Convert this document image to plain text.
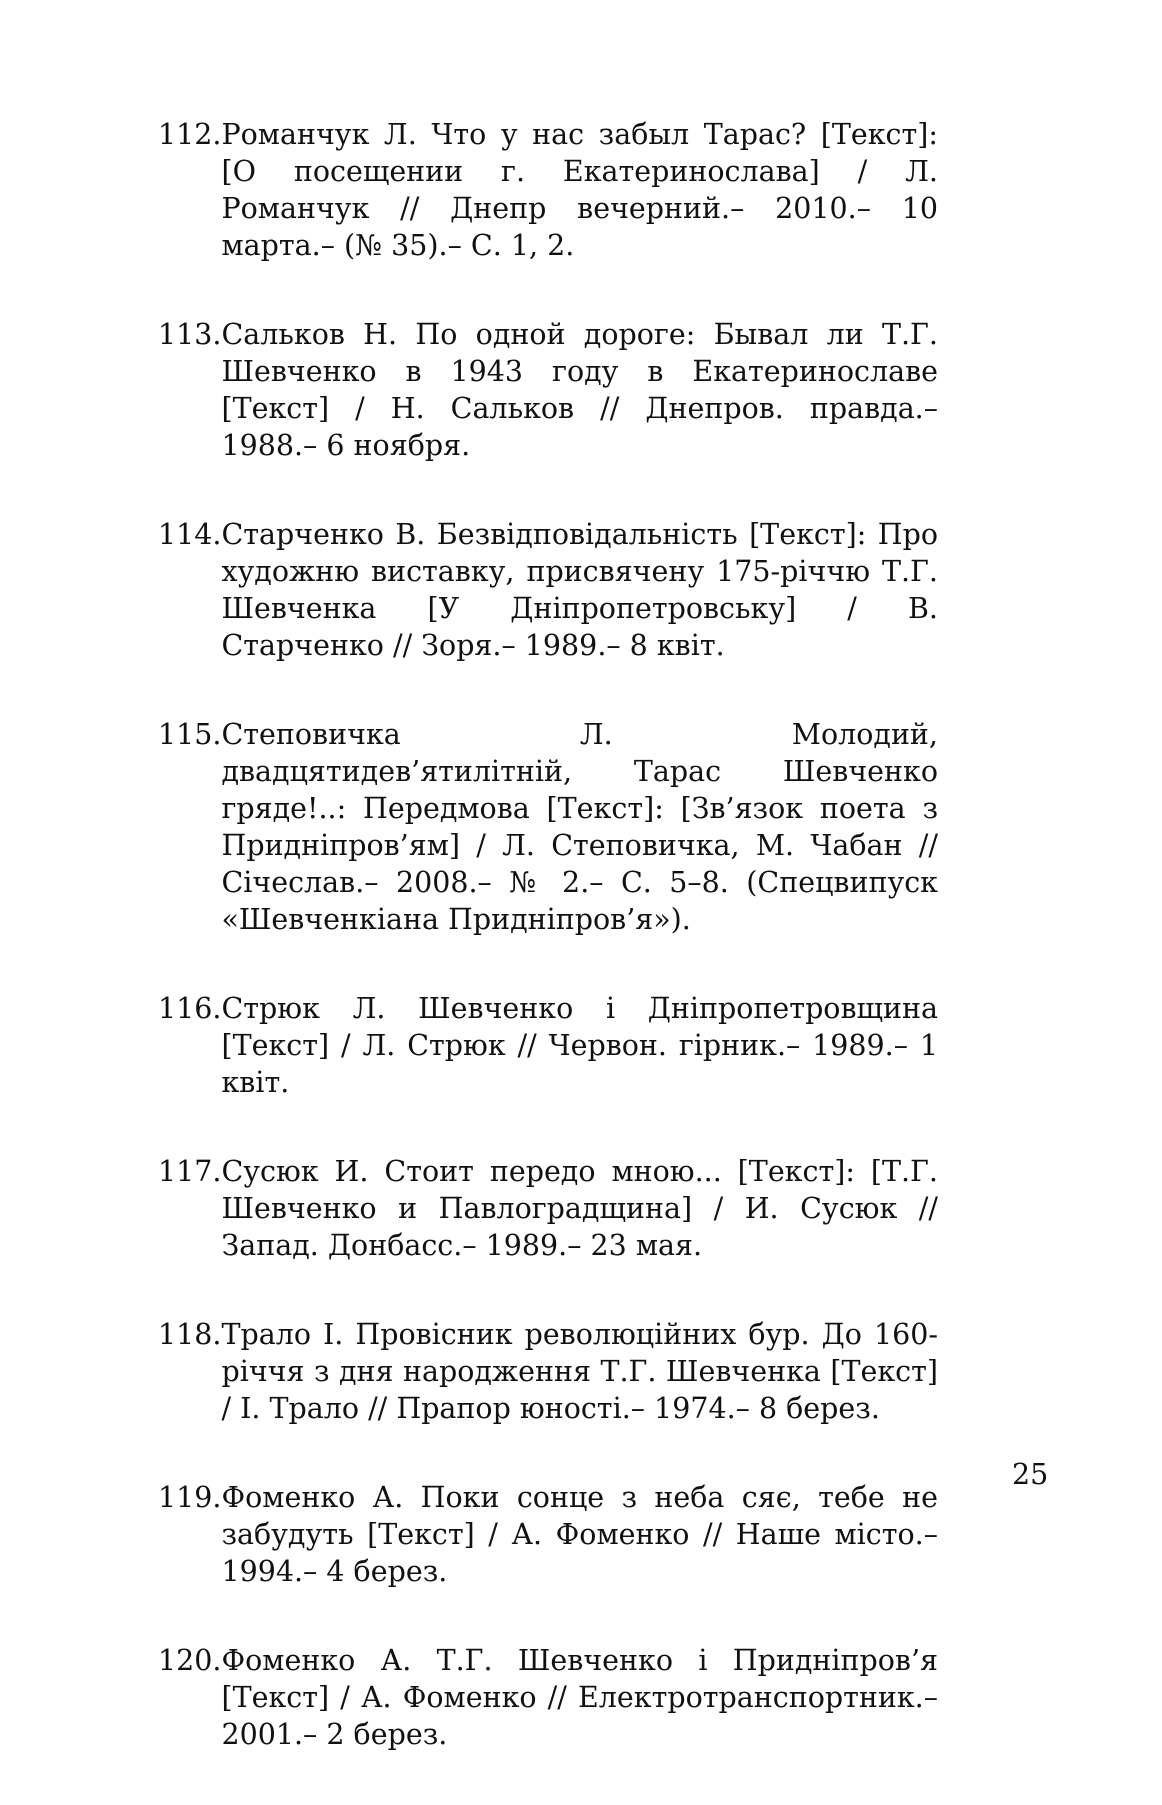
112. Романчук Л. Что у нас забыл Тарас? [Текст]: [О посещении г. Екатеринослава] / Л. Романчук // Днепр вечерний.– 2010.– 10 марта.– (№ 35).– С. 1, 2.
113. Сальков Н. По одной дороге: Бывал ли Т.Г. Шевченко в 1943 году в Екатеринославе [Текст] / Н. Сальков // Днепров. правда.– 1988.– 6 ноября.
114. Старченко В. Безвідповідальність [Текст]: Про художню виставку, присвячену 175-річчю Т.Г. Шевченка [У Дніпропетровську] / В. Старченко // Зоря.– 1989.– 8 квіт.
115. Степовичка Л. Молодий, двадцятидев’ятилітній, Тарас Шевченко гряде!..: Передмова [Текст]: [Зв’язок поета з Придніпров’ям] / Л. Степовичка, М. Чабан // Січеслав.– 2008.– № 2.– С. 5–8. (Спецвипуск «Шевченкіана Придніпров’я»).
116. Стрюк Л. Шевченко і Дніпропетровщина [Текст] / Л. Стрюк // Червон. гірник.– 1989.– 1 квіт.
117. Сусюк И. Стоит передо мною... [Текст]: [Т.Г. Шевченко и Павлоградщина] / И. Сусюк // Запад. Донбасс.– 1989.– 23 мая.
118. Трало І. Провісник революційних бур. До 160-річчя з дня народження Т.Г. Шевченка [Текст] / І. Трало // Прапор юності.– 1974.– 8 берез.
119. Фоменко А. Поки сонце з неба сяє, тебе не забудуть [Текст] / А. Фоменко // Наше місто.– 1994.– 4 берез.
120. Фоменко А. Т.Г. Шевченко і Придніпров’я [Текст] / А. Фоменко // Електротранспортник.– 2001.– 2 берез.
25
